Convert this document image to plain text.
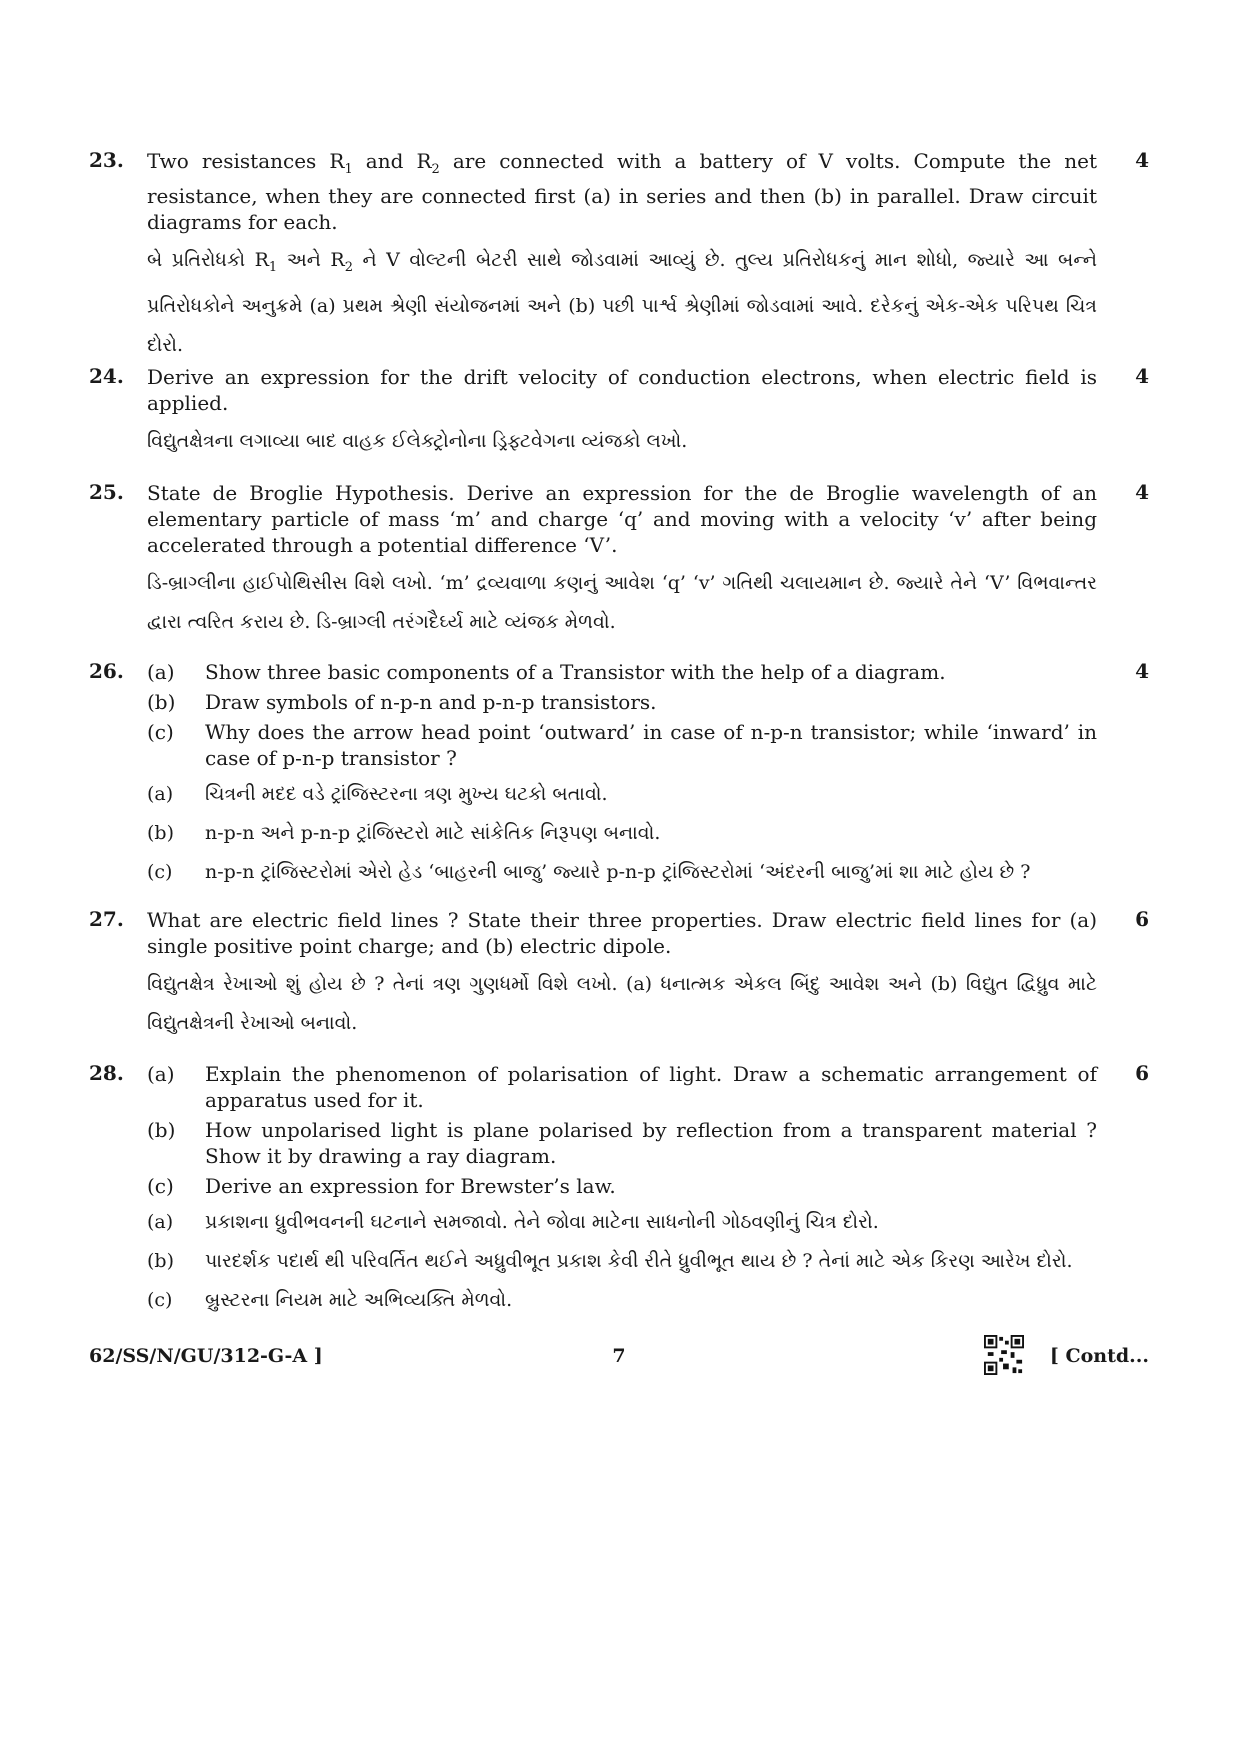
23.	4
Two resistances $R_1$ and $R_2$ are connected with a battery of V volts. Compute the net resistance, when they are connected first (a) in series and then (b) in parallel. Draw circuit diagrams for each.
બે પ્રતિરોધકો $R_1$ અને $R_2$ ને V વોલ્ટની બેટરી સાથે જોડવામાં આવ્યું છે. તુલ્ય પ્રતિરોધકનું માન શોધો, જ્યારે આ બન્ને પ્રતિરોધકોને અનુક્રમે (a) પ્રથમ શ્રેણી સંયોજનમાં અને (b) પછી પાર્શ્વ શ્રેણીમાં જોડવામાં આવે. દરેકનું એક-એક પરિપથ ચિત્ર દોરો.
24.	4
Derive an expression for the drift velocity of conduction electrons, when electric field is applied.
વિદ્યુતક્ષેત્રના લગાવ્યા બાદ વાહક ઈલેક્ટ્રોનોના ડ્રિફ્ટવેગના વ્યંજકો લખો.
25.	4
State de Broglie Hypothesis. Derive an expression for the de Broglie wavelength of an elementary particle of mass ‘m’ and charge ‘q’ and moving with a velocity ‘v’ after being accelerated through a potential difference ‘V’.
ડિ-બ્રાગ્લીના હાઈપોથિસીસ વિશે લખો. ‘m’ દ્રવ્યવાળા કણનું આવેશ ‘q’ ‘v’ ગતિથી ચલાયમાન છે. જ્યારે તેને ‘V’ વિભવાન્તર દ્વારા ત્વરિત કરાય છે. ડિ-બ્રાગ્લી તરંગદૈર્ઘ્ય માટે વ્યંજક મેળવો.
26.	4
(a) Show three basic components of a Transistor with the help of a diagram.
(b) Draw symbols of n-p-n and p-n-p transistors.
(c) Why does the arrow head point ‘outward’ in case of n-p-n transistor; while ‘inward’ in case of p-n-p transistor ?
(a) ચિત્રની મદદ વડે ટ્રાંજિસ્ટરના ત્રણ મુખ્ય ઘટકો બતાવો.
(b) n-p-n અને p-n-p ટ્રાંજિસ્ટરો માટે સાંકેતિક નિરૂપણ બનાવો.
(c) n-p-n ટ્રાંજિસ્ટરોમાં એરો હેડ ‘બાહરની બાજુ’ જ્યારે p-n-p ટ્રાંજિસ્ટરોમાં ‘અંદરની બાજુ’માં શા માટે હોય છે ?
27.	6
What are electric field lines ? State their three properties. Draw electric field lines for (a) single positive point charge; and (b) electric dipole.
વિદ્યુતક્ષેત્ર રેખાઓ શું હોય છે ? તેનાં ત્રણ ગુણધર્મો વિશે લખો. (a) ધનાત્મક એકલ બિંદુ આવેશ અને (b) વિદ્યુત દ્વિધ્રુવ માટે વિદ્યુતક્ષેત્રની રેખાઓ બનાવો.
28.	6
(a) Explain the phenomenon of polarisation of light. Draw a schematic arrangement of apparatus used for it.
(b) How unpolarised light is plane polarised by reflection from a transparent material ? Show it by drawing a ray diagram.
(c) Derive an expression for Brewster’s law.
(a) પ્રકાશના ધ્રુવીભવનની ઘટનાને સમજાવો. તેને જોવા માટેના સાધનોની ગોઠવણીનું ચિત્ર દોરો.
(b) પારદર્શક પદાર્થ થી પરિવર્તિત થઈને અધ્રુવીભૂત પ્રકાશ કેવી રીતે ધ્રુવીભૂત થાય છે ? તેનાં માટે એક કિરણ આરેખ દોરો.
(c) બ્રુસ્ટરના નિયમ માટે અભિવ્યક્તિ મેળવો.
62/SS/N/GU/312-G-A ]	7	[ Contd...
